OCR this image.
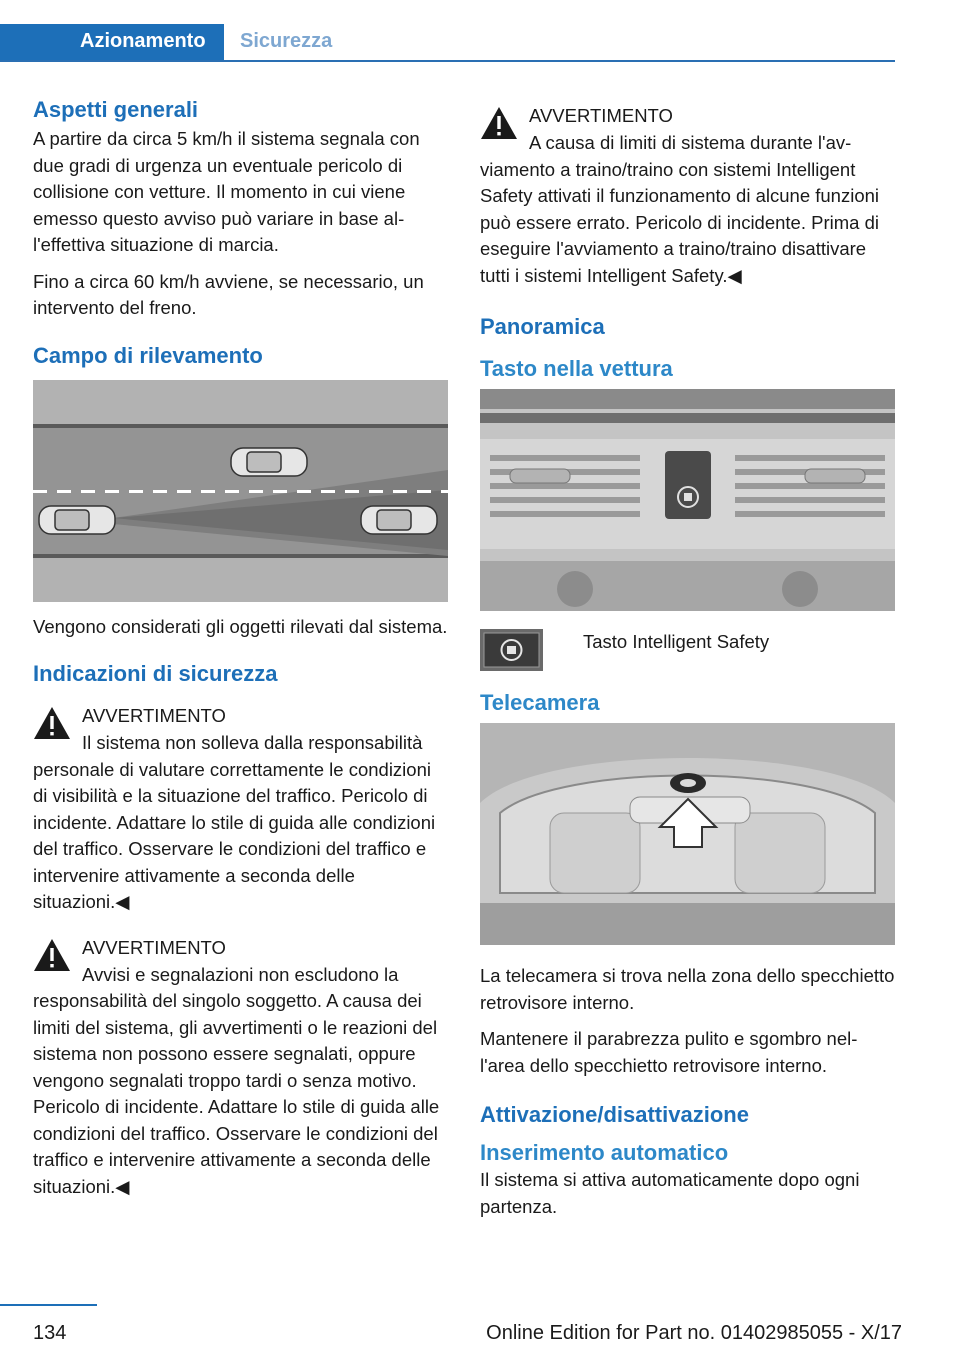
Azionamento	Sicurezza
Aspetti generali

A partire da circa 5 km/h il sistema segnala con due gradi di urgenza un eventuale pericolo di collisione con vetture. Il momento in cui viene emesso questo avviso può variare in base all'effettiva situazione di marcia.

Fino a circa 60 km/h avviene, se necessario, un intervento del freno.

Campo di rilevamento

Vengono considerati gli oggetti rilevati dal sistema.

Indicazioni di sicurezza
AVVERTIMENTO

Il sistema non solleva dalla responsabilità personale di valutare correttamente le condizioni di visibilità e la situazione del traffico. Pericolo di incidente. Adattare lo stile di guida alle condizioni del traffico. Osservare le condizioni del traffico e intervenire attivamente a seconda delle situazioni.◀

AVVERTIMENTO

Avvisi e segnalazioni non escludono la responsabilità del singolo soggetto. A causa dei limiti del sistema, gli avvertimenti o le reazioni del sistema non possono essere segnalati, oppure vengono segnalati troppo tardi o senza motivo. Pericolo di incidente. Adattare lo stile di guida alle condizioni del traffico. Osservare le condizioni del traffico e intervenire attivamente a seconda delle situazioni.◀

AVVERTIMENTO

A causa di limiti di sistema durante l'avviamento a traino/traino con sistemi Intelligent Safety attivati il funzionamento di alcune funzioni può essere errato. Pericolo di incidente. Prima di eseguire l'avviamento a traino/traino disattivare tutti i sistemi Intelligent Safety.◀

Panoramica
Tasto nella vettura
Tasto Intelligent Safety
Telecamera

La telecamera si trova nella zona dello specchietto retrovisore interno.

Mantenere il parabrezza pulito e sgombro nell'area dello specchietto retrovisore interno.

Attivazione/disattivazione
Inserimento automatico

Il sistema si attiva automaticamente dopo ogni partenza.

134	Online Edition for Part no. 01402985055 - X/17
